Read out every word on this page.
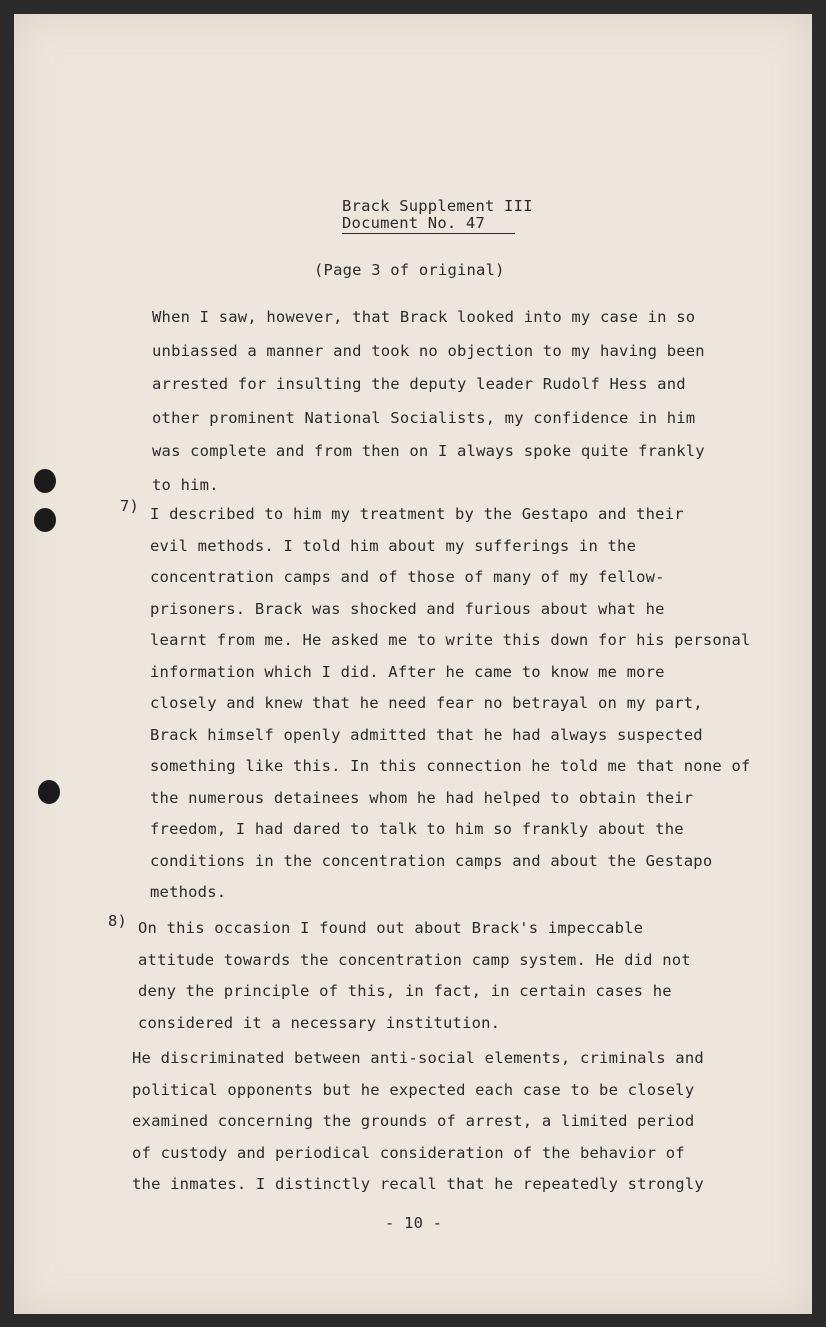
Brack Supplement III
Document No. 47
(Page 3 of original)
When I saw, however, that Brack looked into my case in so
unbiassed a manner and took no objection to my having been
arrested for insulting the deputy leader Rudolf Hess and
other prominent National Socialists, my confidence in him
was complete and from then on I always spoke quite frankly
to him.
7) I described to him my treatment by the Gestapo and their
evil methods. I told him about my sufferings in the
concentration camps and of those of many of my fellow-
prisoners. Brack was shocked and furious about what he
learnt from me. He asked me to write this down for his personal
information which I did. After he came to know me more
closely and knew that he need fear no betrayal on my part,
Brack himself openly admitted that he had always suspected
something like this. In this connection he told me that none of
the numerous detainees whom he had helped to obtain their
freedom, I had dared to talk to him so frankly about the
conditions in the concentration camps and about the Gestapo
methods.
8) On this occasion I found out about Brack's impeccable
attitude towards the concentration camp system. He did not
deny the principle of this, in fact, in certain cases he
considered it a necessary institution.
He discriminated between anti-social elements, criminals and
political opponents but he expected each case to be closely
examined concerning the grounds of arrest, a limited period
of custody and periodical consideration of the behavior of
the inmates. I distinctly recall that he repeatedly strongly
- 10 -
